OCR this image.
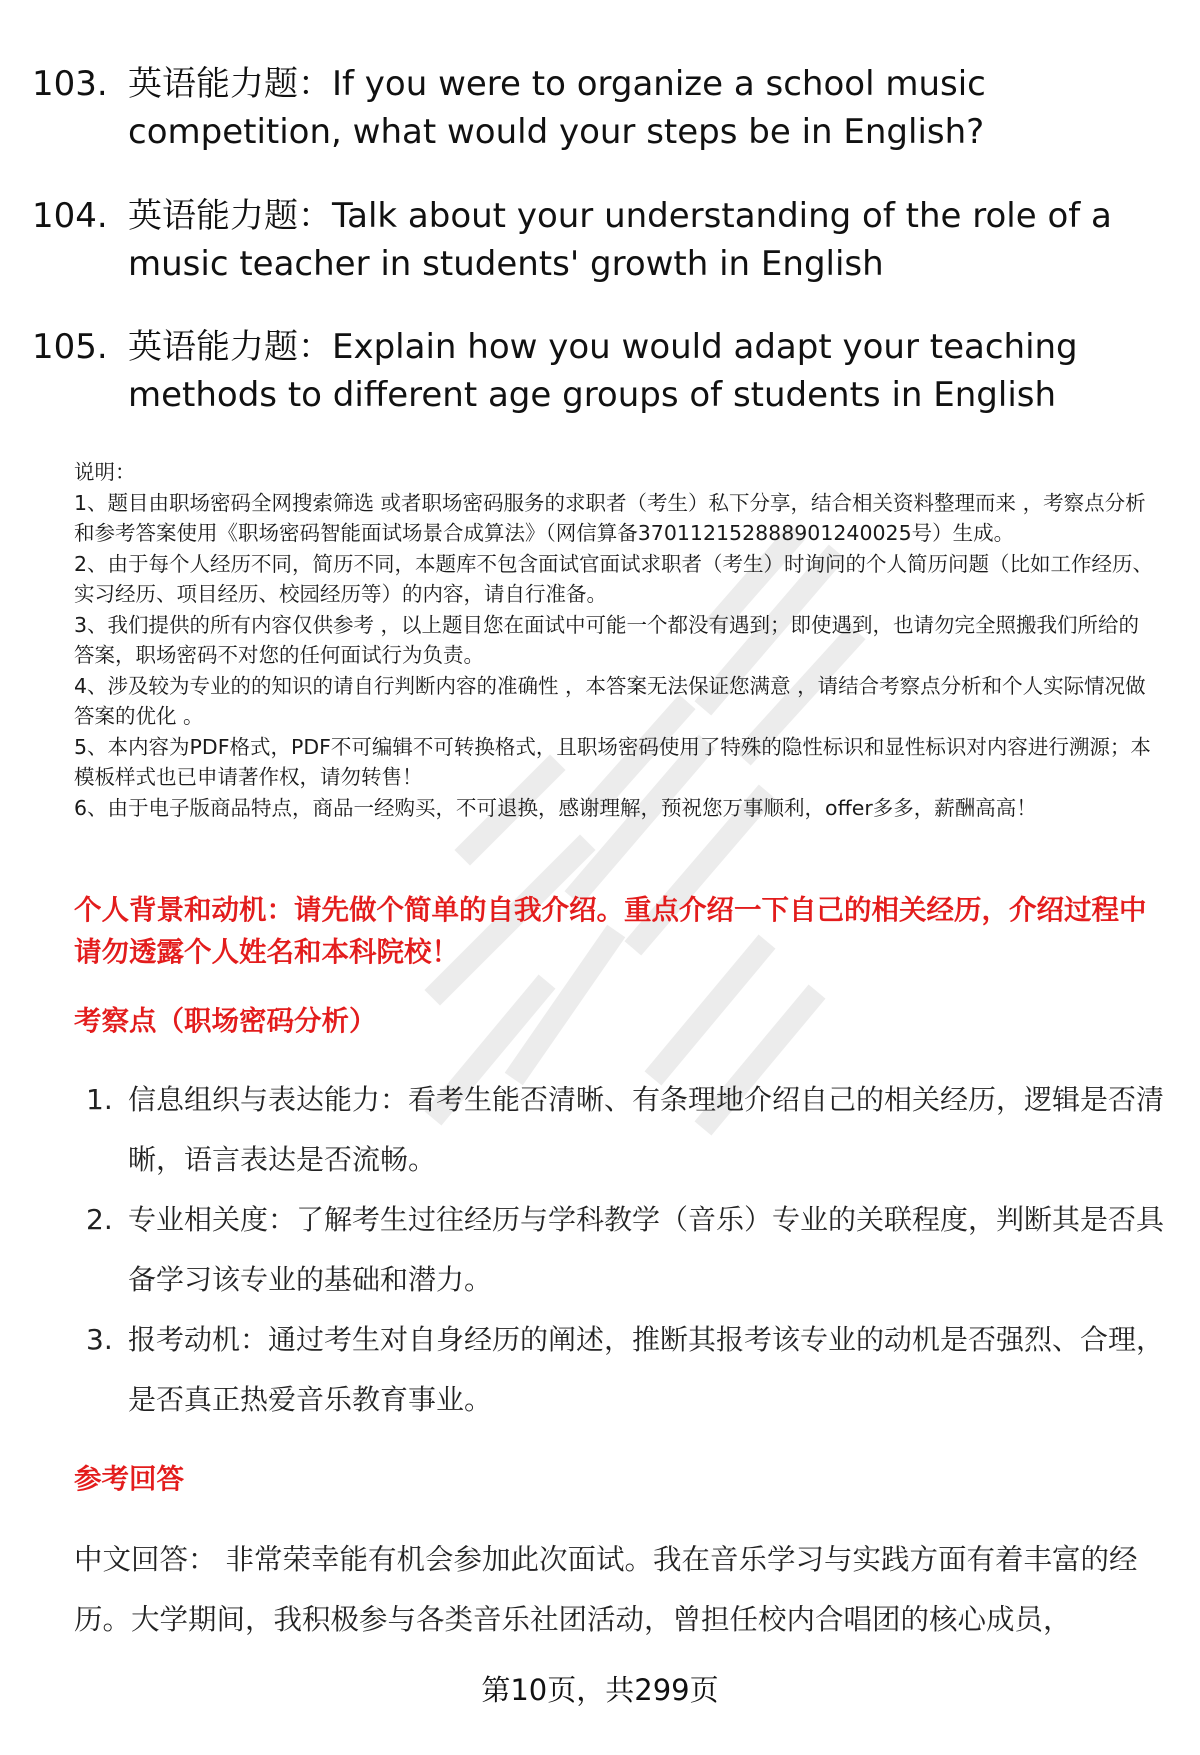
103. 英语能力题：If you were to organize a school music competition, what would your steps be in English?
104. 英语能力题：Talk about your understanding of the role of a music teacher in students' growth in English
105. 英语能力题：Explain how you would adapt your teaching methods to different age groups of students in English

说明：

1、题目由职场密码全网搜索筛选 或者职场密码服务的求职者（考生）私下分享，结合相关资料整理而来 ，考察点分析和参考答案使用《职场密码智能面试场景合成算法》（网信算备370112152888901240025号）生成。

2、由于每个人经历不同，简历不同，本题库不包含面试官面试求职者（考生）时询问的个人简历问题（比如工作经历、实习经历、项目经历、校园经历等）的内容，请自行准备。

3、我们提供的所有内容仅供参考 ，以上题目您在面试中可能一个都没有遇到；即使遇到，也请勿完全照搬我们所给的答案，职场密码不对您的任何面试行为负责。

4、涉及较为专业的的知识的请自行判断内容的准确性 ，本答案无法保证您满意 ，请结合考察点分析和个人实际情况做答案的优化 。

5、本内容为PDF格式，PDF不可编辑不可转换格式，且职场密码使用了特殊的隐性标识和显性标识对内容进行溯源；本模板样式也已申请著作权，请勿转售！

6、由于电子版商品特点，商品一经购买，不可退换，感谢理解，预祝您万事顺利，offer多多，薪酬高高！

个人背景和动机：请先做个简单的自我介绍。重点介绍一下自己的相关经历，介绍过程中请勿透露个人姓名和本科院校！
考察点（职场密码分析）
1. 信息组织与表达能力：看考生能否清晰、有条理地介绍自己的相关经历，逻辑是否清晰，语言表达是否流畅。
2. 专业相关度：了解考生过往经历与学科教学（音乐）专业的关联程度，判断其是否具备学习该专业的基础和潜力。
3. 报考动机：通过考生对自身经历的阐述，推断其报考该专业的动机是否强烈、合理，是否真正热爱音乐教育事业。
参考回答
中文回答： 非常荣幸能有机会参加此次面试。我在音乐学习与实践方面有着丰富的经历。大学期间，我积极参与各类音乐社团活动，曾担任校内合唱团的核心成员，
第10页，共299页
